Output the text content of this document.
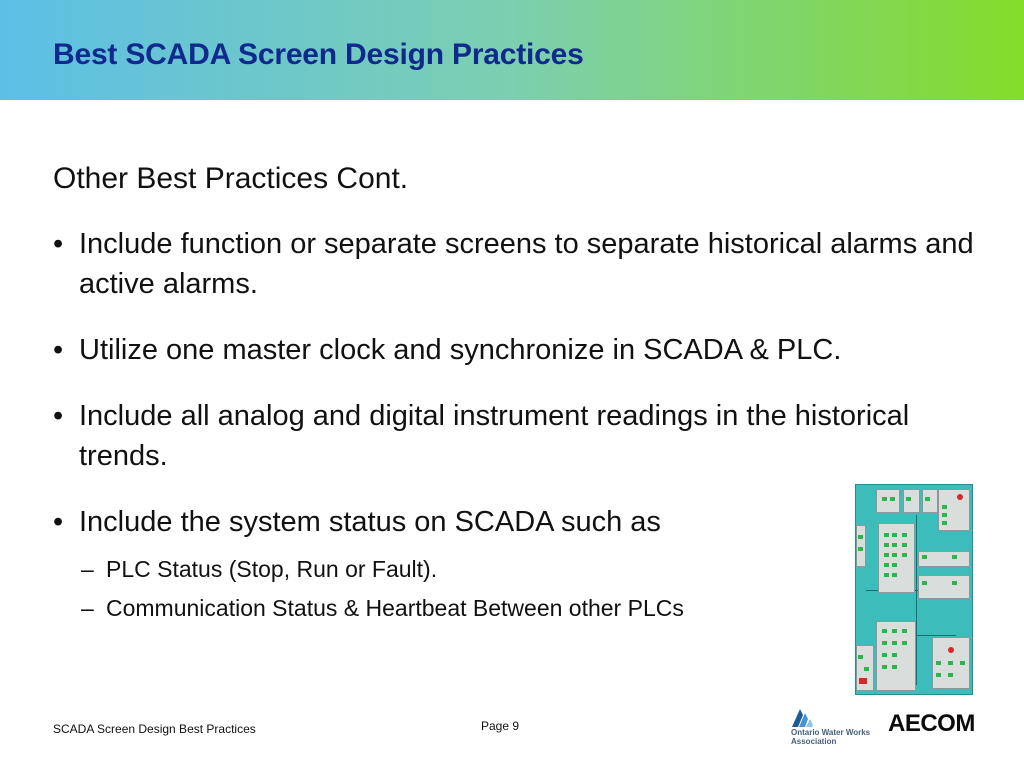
Best SCADA Screen Design Practices
Other Best Practices Cont.
• Include function or separate screens to separate historical alarms and active alarms.
• Utilize one master clock and synchronize in SCADA & PLC.
• Include all analog and digital instrument readings in the historical trends.
• Include the system status on SCADA such as
– PLC Status (Stop, Run or Fault).
– Communication Status & Heartbeat Between other PLCs
SCADA Screen Design Best Practices	Page 9	Ontario Water Works
Association
AECOM
